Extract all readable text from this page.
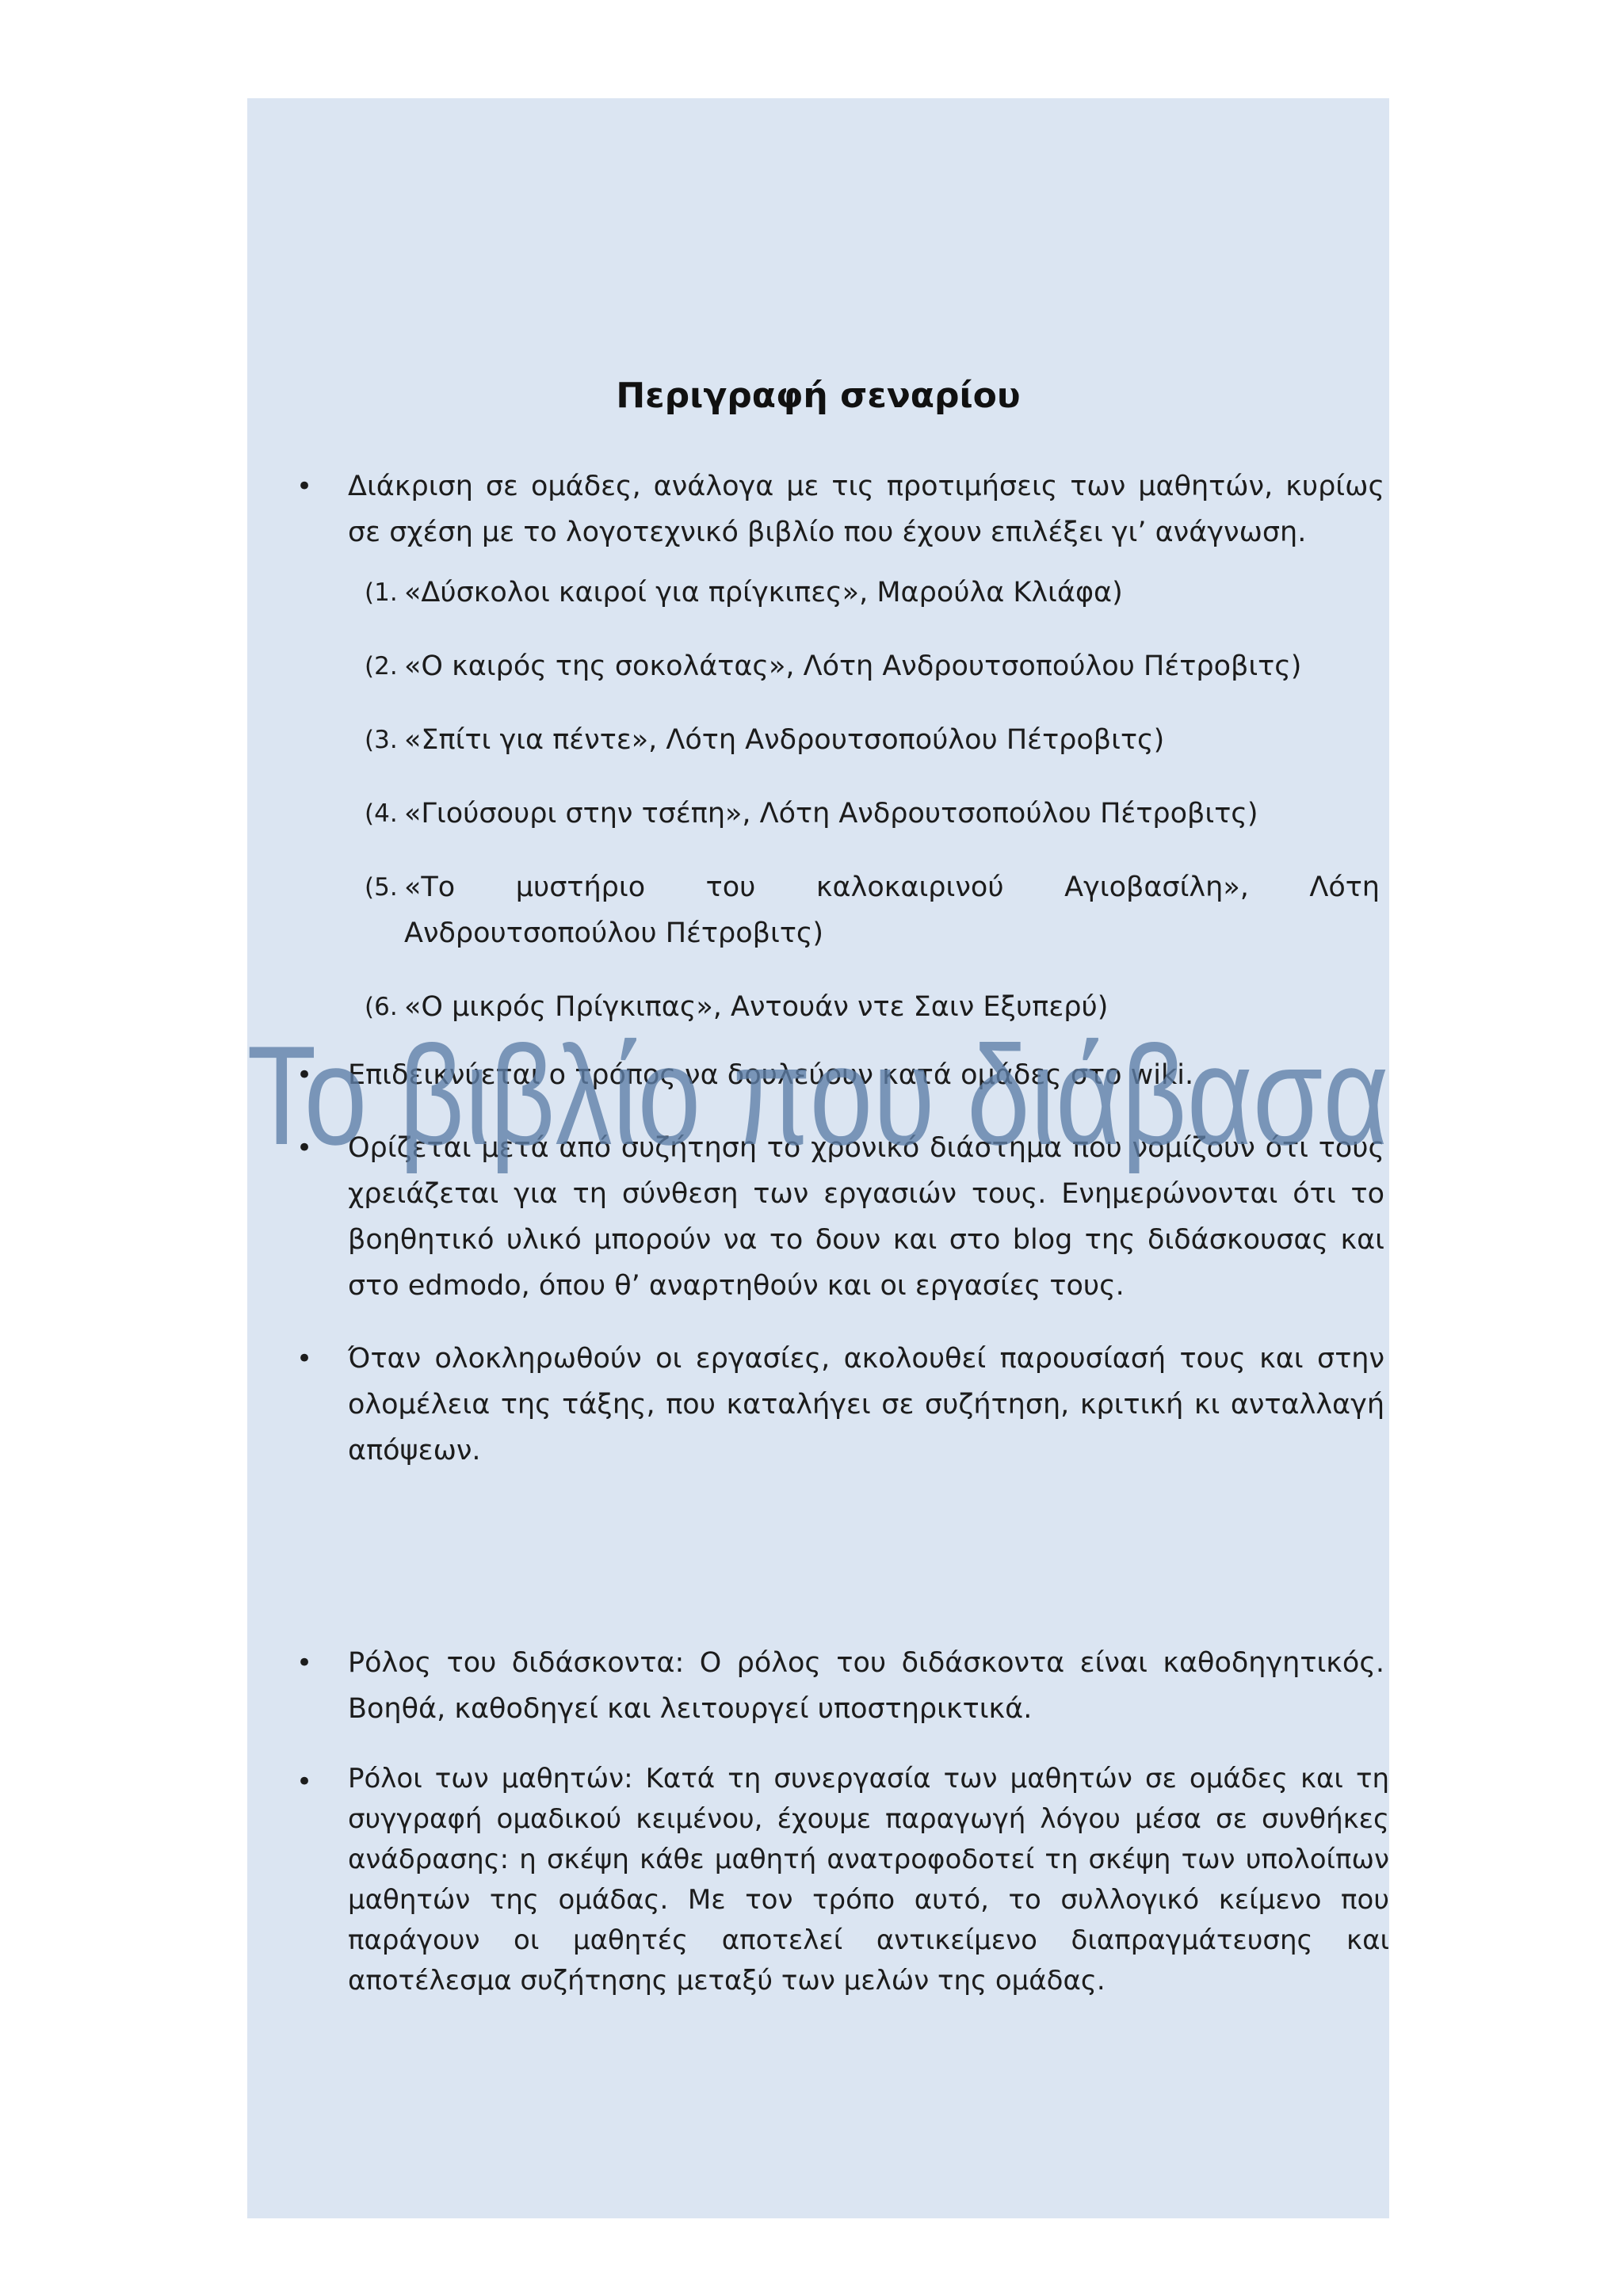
Περιγραφή σεναρίου
• Διάκριση σε ομάδες, ανάλογα με τις προτιμήσεις των μαθητών, κυρίως σε σχέση με το λογοτεχνικό βιβλίο που έχουν επιλέξει γι’ ανάγνωση.
(1. «Δύσκολοι καιροί για πρίγκιπες», Μαρούλα Κλιάφα)
(2. «Ο καιρός της σοκολάτας», Λότη Ανδρουτσοπούλου Πέτροβιτς)
(3. «Σπίτι για πέντε», Λότη Ανδρουτσοπούλου Πέτροβιτς)
(4. «Γιούσουρι στην τσέπη», Λότη Ανδρουτσοπούλου Πέτροβιτς)
(5. «Το μυστήριο του καλοκαιρινού Αγιοβασίλη», Λότη Ανδρουτσοπούλου Πέτροβιτς)
(6. «Ο μικρός Πρίγκιπας», Αντουάν ντε Σαιν Εξυπερύ)
• Επιδεικνύεται ο τρόπος να δουλεύουν κατά ομάδες στο wiki.
• Ορίζεται μετά από συζήτηση το χρονικό διάστημα που νομίζουν ότι τους χρειάζεται για τη σύνθεση των εργασιών τους. Ενημερώνονται ότι το βοηθητικό υλικό μπορούν να το δουν και στο blog της διδάσκουσας και στο edmodo, όπου θ’ αναρτηθούν και οι εργασίες τους.
• Όταν ολοκληρωθούν οι εργασίες, ακολουθεί παρουσίασή τους και στην ολομέλεια της τάξης, που καταλήγει σε συζήτηση, κριτική κι ανταλλαγή απόψεων.
• Ρόλος του διδάσκοντα: Ο ρόλος του διδάσκοντα είναι καθοδηγητικός. Βοηθά, καθοδηγεί και λειτουργεί υποστηρικτικά.
• Ρόλοι των μαθητών: Κατά τη συνεργασία των μαθητών σε ομάδες και τη συγγραφή ομαδικού κειμένου, έχουμε παραγωγή λόγου μέσα σε συνθήκες ανάδρασης: η σκέψη κάθε μαθητή ανατροφοδοτεί τη σκέψη των υπολοίπων μαθητών της ομάδας. Με τον τρόπο αυτό, το συλλογικό κείμενο που παράγουν οι μαθητές αποτελεί αντικείμενο διαπραγμάτευσης και αποτέλεσμα συζήτησης μεταξύ των μελών της ομάδας.
Το βιβλίο που διάβασα
